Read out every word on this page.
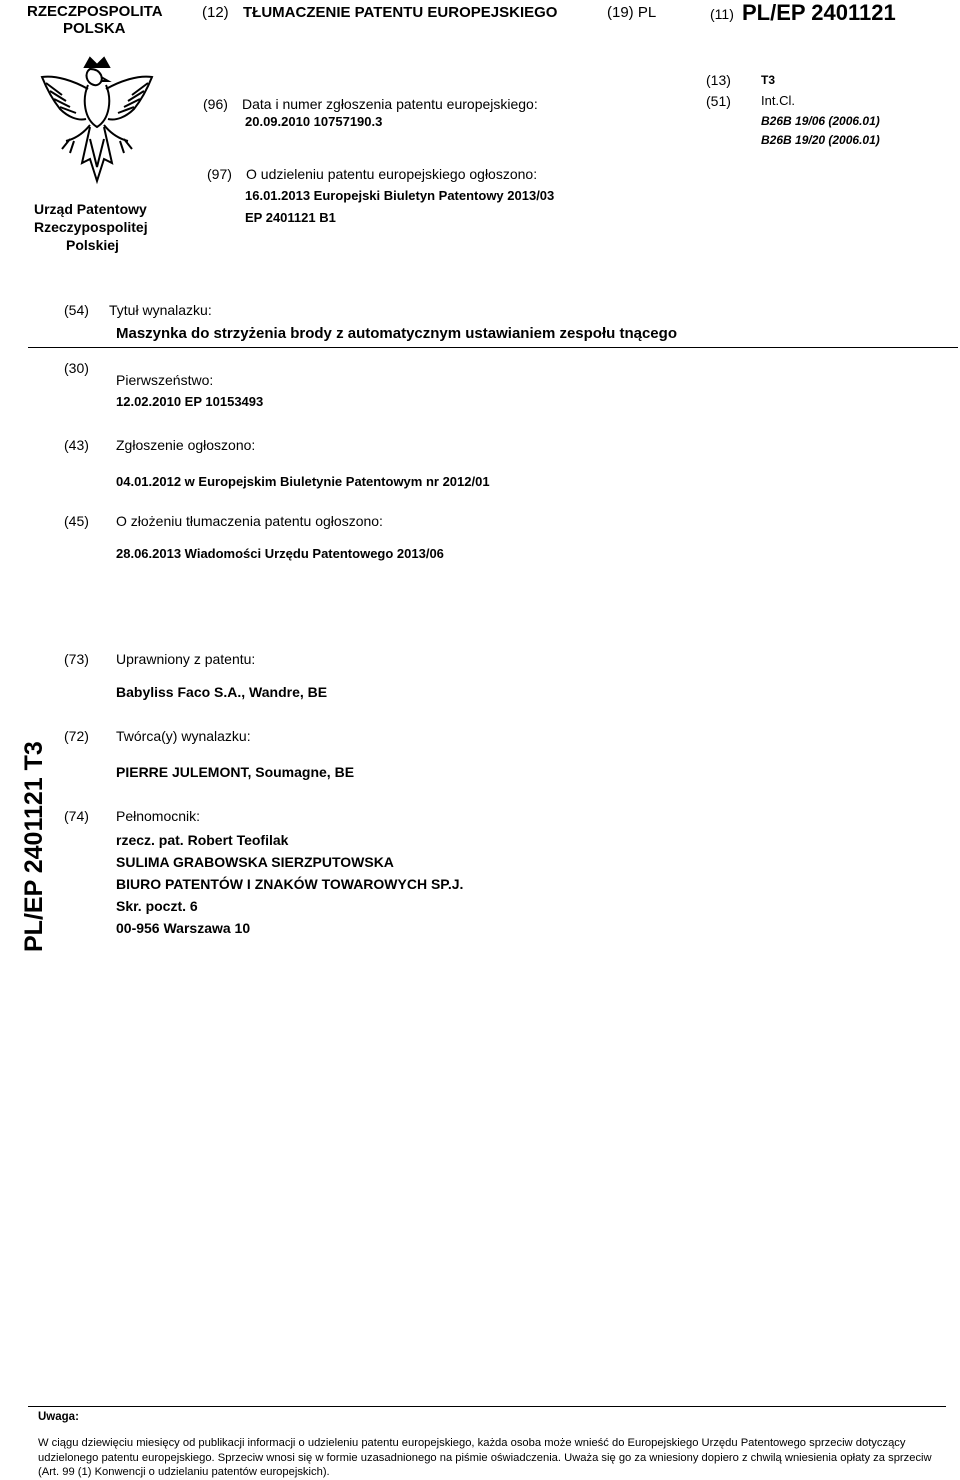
RZECZPOSPOLITA
POLSKA
(12) TŁUMACZENIE PATENTU EUROPEJSKIEGO	(19) PL	(11) PL/EP 2401121
Urząd Patentowy
Rzeczypospolitej
Polskiej
(96) Data i numer zgłoszenia patentu europejskiego:
20.09.2010 10757190.3
(97) O udzieleniu patentu europejskiego ogłoszono:
16.01.2013 Europejski Biuletyn Patentowy 2013/03
EP 2401121 B1
(13)	T3
(51) Int.Cl.
B26B 19/06 (2006.01)
B26B 19/20 (2006.01)
(54) Tytuł wynalazku:
Maszynka do strzyżenia brody z automatycznym ustawianiem zespołu tnącego
(30)
Pierwszeństwo:
12.02.2010 EP 10153493
(43) Zgłoszenie ogłoszono:
04.01.2012 w Europejskim Biuletynie Patentowym nr 2012/01
(45) O złożeniu tłumaczenia patentu ogłoszono:
28.06.2013 Wiadomości Urzędu Patentowego 2013/06
(73) Uprawniony z patentu:
Babyliss Faco S.A., Wandre, BE
(72) Twórca(y) wynalazku:
PIERRE JULEMONT, Soumagne, BE
(74) Pełnomocnik:
rzecz. pat. Robert Teofilak
SULIMA GRABOWSKA SIERZPUTOWSKA
BIURO PATENTÓW I ZNAKÓW TOWAROWYCH SP.J.
Skr. poczt. 6
00-956 Warszawa 10
PL/EP 2401121 T3
Uwaga:
W ciągu dziewięciu miesięcy od publikacji informacji o udzieleniu patentu europejskiego, każda osoba może wnieść do Europejskiego Urzędu Patentowego sprzeciw dotyczący udzielonego patentu europejskiego. Sprzeciw wnosi się w formie uzasadnionego na piśmie oświadczenia. Uważa się go za wniesiony dopiero z chwilą wniesienia opłaty za sprzeciw (Art. 99 (1) Konwencji o udzielaniu patentów europejskich).
